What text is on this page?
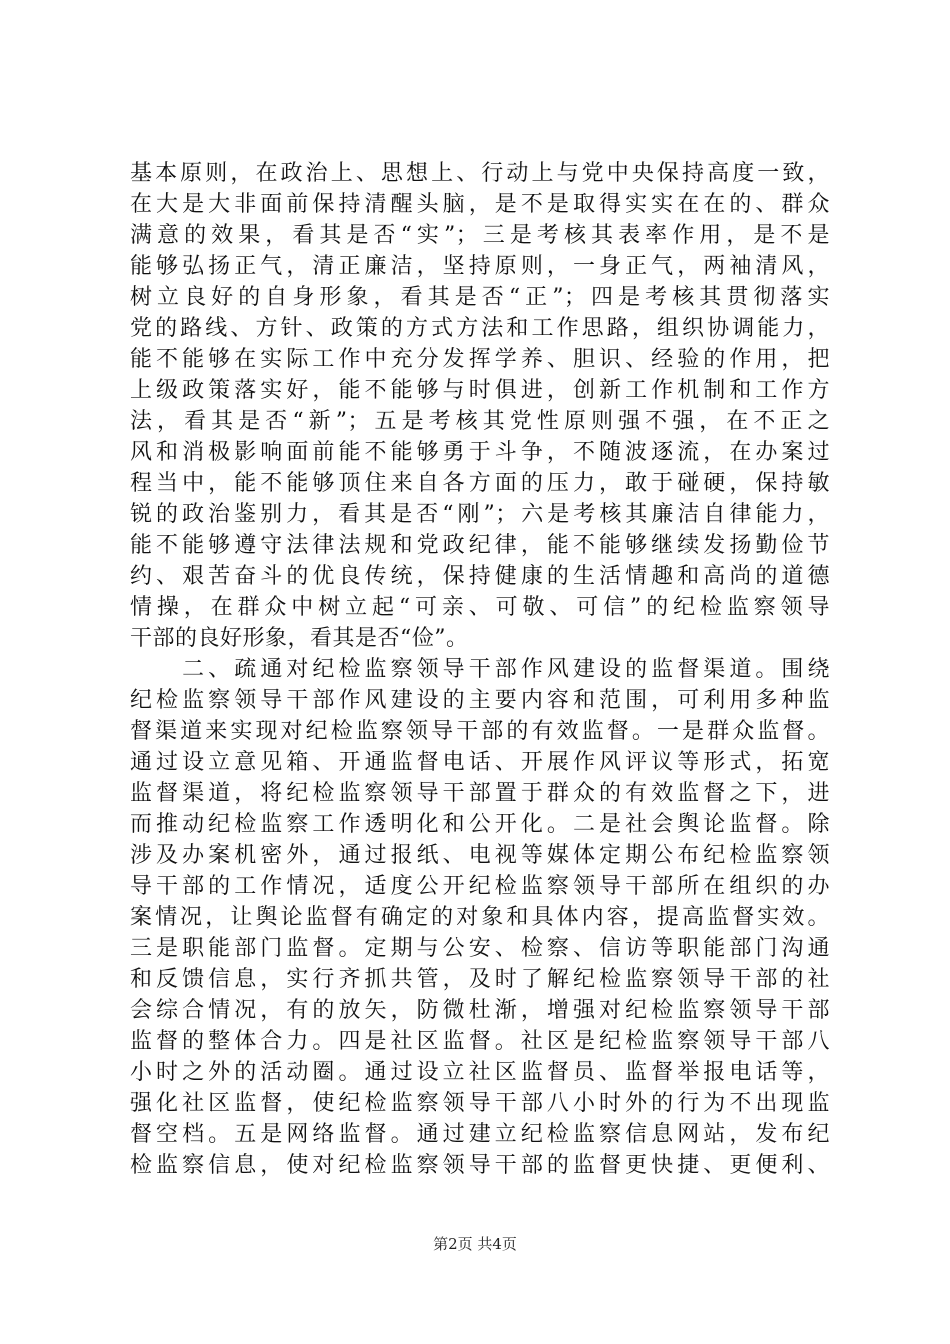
基本原则，在政治上、思想上、行动上与党中央保持高度一致，
在大是大非面前保持清醒头脑，是不是取得实实在在的、群众
满意的效果，看其是否“实”；三是考核其表率作用，是不是
能够弘扬正气，清正廉洁，坚持原则，一身正气，两袖清风，
树立良好的自身形象，看其是否“正”；四是考核其贯彻落实
党的路线、方针、政策的方式方法和工作思路，组织协调能力，
能不能够在实际工作中充分发挥学养、胆识、经验的作用，把
上级政策落实好，能不能够与时俱进，创新工作机制和工作方
法，看其是否“新”；五是考核其党性原则强不强，在不正之
风和消极影响面前能不能够勇于斗争，不随波逐流，在办案过
程当中，能不能够顶住来自各方面的压力，敢于碰硬，保持敏
锐的政治鉴别力，看其是否“刚”；六是考核其廉洁自律能力，
能不能够遵守法律法规和党政纪律，能不能够继续发扬勤俭节
约、艰苦奋斗的优良传统，保持健康的生活情趣和高尚的道德
情操，在群众中树立起“可亲、可敬、可信”的纪检监察领导
干部的良好形象，看其是否“俭”。
　　二、疏通对纪检监察领导干部作风建设的监督渠道。围绕
纪检监察领导干部作风建设的主要内容和范围，可利用多种监
督渠道来实现对纪检监察领导干部的有效监督。一是群众监督。
通过设立意见箱、开通监督电话、开展作风评议等形式，拓宽
监督渠道，将纪检监察领导干部置于群众的有效监督之下，进
而推动纪检监察工作透明化和公开化。二是社会舆论监督。除
涉及办案机密外，通过报纸、电视等媒体定期公布纪检监察领
导干部的工作情况，适度公开纪检监察领导干部所在组织的办
案情况，让舆论监督有确定的对象和具体内容，提高监督实效。
三是职能部门监督。定期与公安、检察、信访等职能部门沟通
和反馈信息，实行齐抓共管，及时了解纪检监察领导干部的社
会综合情况，有的放矢，防微杜渐，增强对纪检监察领导干部
监督的整体合力。四是社区监督。社区是纪检监察领导干部八
小时之外的活动圈。通过设立社区监督员、监督举报电话等，
强化社区监督，使纪检监察领导干部八小时外的行为不出现监
督空档。五是网络监督。通过建立纪检监察信息网站，发布纪
检监察信息，使对纪检监察领导干部的监督更快捷、更便利、
第2页 共4页
